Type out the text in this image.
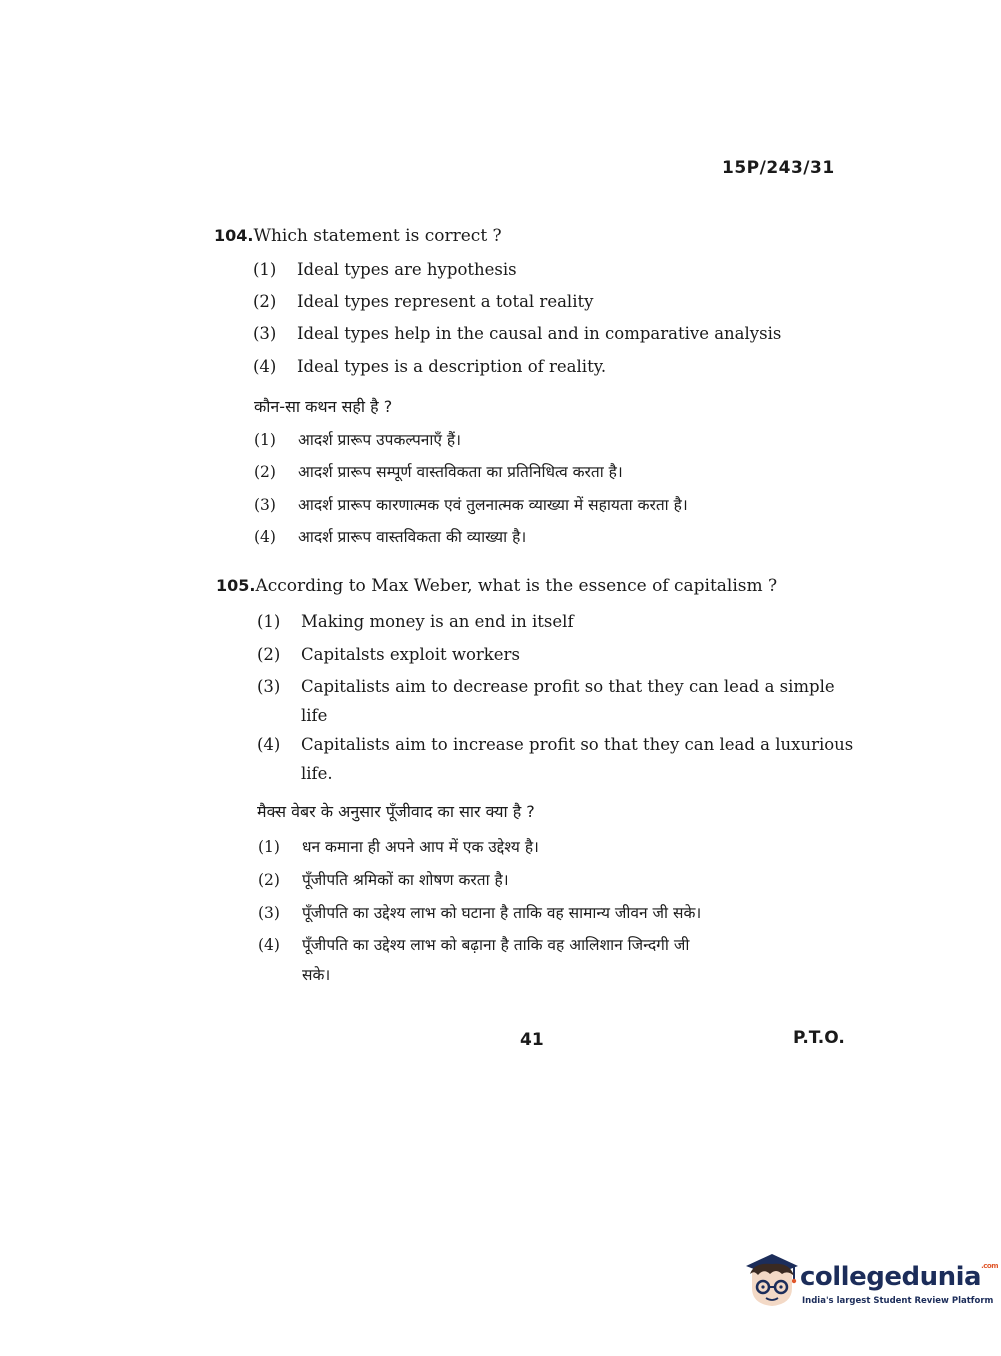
15P/243/31
104.Which statement is correct ?
(1) Ideal types are hypothesis
(2) Ideal types represent a total reality
(3) Ideal types help in the causal and in comparative analysis
(4) Ideal types is a description of reality.
कौन-सा कथन सही है ?
(1) आदर्श प्रारूप उपकल्पनाएँ हैं।
(2) आदर्श प्रारूप सम्पूर्ण वास्तविकता का प्रतिनिधित्व करता है।
(3) आदर्श प्रारूप कारणात्मक एवं तुलनात्मक व्याख्या में सहायता करता है।
(4) आदर्श प्रारूप वास्तविकता की व्याख्या है।
105.According to Max Weber, what is the essence of capitalism ?
(1) Making money is an end in itself
(2) Capitalsts exploit workers
(3) Capitalists aim to decrease profit so that they can lead a simple
life
(4) Capitalists aim to increase profit so that they can lead a luxurious
life.
मैक्स वेबर के अनुसार पूँजीवाद का सार क्या है ?
(1) धन कमाना ही अपने आप में एक उद्देश्य है।
(2) पूँजीपति श्रमिकों का शोषण करता है।
(3) पूँजीपति का उद्देश्य लाभ को घटाना है ताकि वह सामान्य जीवन जी सके।
(4) पूँजीपति का उद्देश्य लाभ को बढ़ाना है ताकि वह आलिशान जिन्दगी जी
सके।
41	P.T.O.
collegedunia$^{.com}$
India's largest Student Review Platform
